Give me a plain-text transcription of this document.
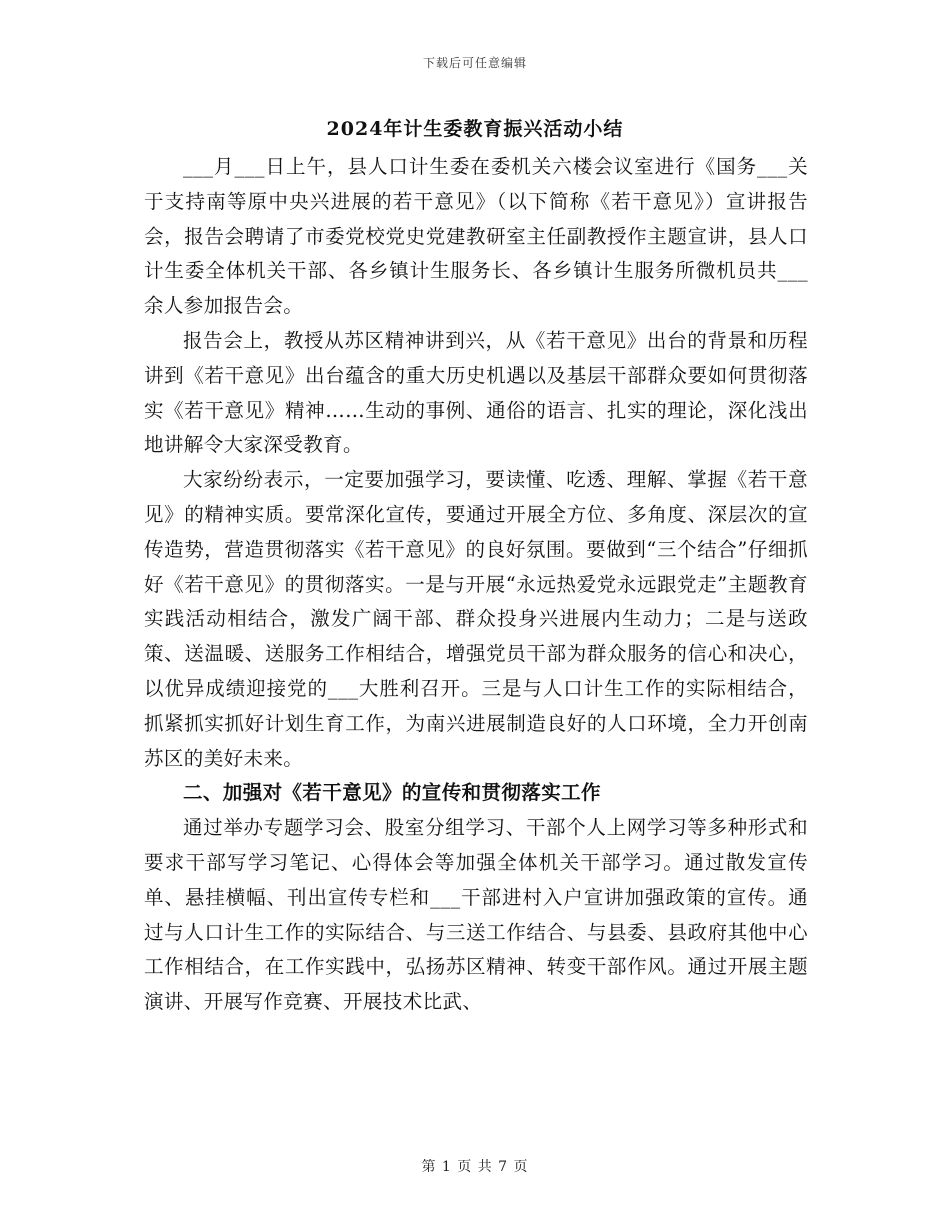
下载后可任意编辑
2024年计生委教育振兴活动小结

___月___日上午，县人口计生委在委机关六楼会议室进行《国务___关于支持南等原中央兴进展的若干意见》（以下简称《若干意见》）宣讲报告会，报告会聘请了市委党校党史党建教研室主任副教授作主题宣讲，县人口计生委全体机关干部、各乡镇计生服务长、各乡镇计生服务所微机员共___余人参加报告会。

报告会上，教授从苏区精神讲到兴，从《若干意见》出台的背景和历程讲到《若干意见》出台蕴含的重大历史机遇以及基层干部群众要如何贯彻落实《若干意见》精神……生动的事例、通俗的语言、扎实的理论，深化浅出地讲解令大家深受教育。

大家纷纷表示，一定要加强学习，要读懂、吃透、理解、掌握《若干意见》的精神实质。要常深化宣传，要通过开展全方位、多角度、深层次的宣传造势，营造贯彻落实《若干意见》的良好氛围。要做到“三个结合”仔细抓好《若干意见》的贯彻落实。一是与开展“永远热爱党永远跟党走”主题教育实践活动相结合，激发广阔干部、群众投身兴进展内生动力；二是与送政策、送温暖、送服务工作相结合，增强党员干部为群众服务的信心和决心，以优异成绩迎接党的___大胜利召开。三是与人口计生工作的实际相结合，抓紧抓实抓好计划生育工作，为南兴进展制造良好的人口环境，全力开创南苏区的美好未来。

二、加强对《若干意见》的宣传和贯彻落实工作

通过举办专题学习会、股室分组学习、干部个人上网学习等多种形式和要求干部写学习笔记、心得体会等加强全体机关干部学习。通过散发宣传单、悬挂横幅、刊出宣传专栏和___干部进村入户宣讲加强政策的宣传。通过与人口计生工作的实际结合、与三送工作结合、与县委、县政府其他中心工作相结合，在工作实践中，弘扬苏区精神、转变干部作风。通过开展主题演讲、开展写作竞赛、开展技术比武、

第 1 页 共 7 页
